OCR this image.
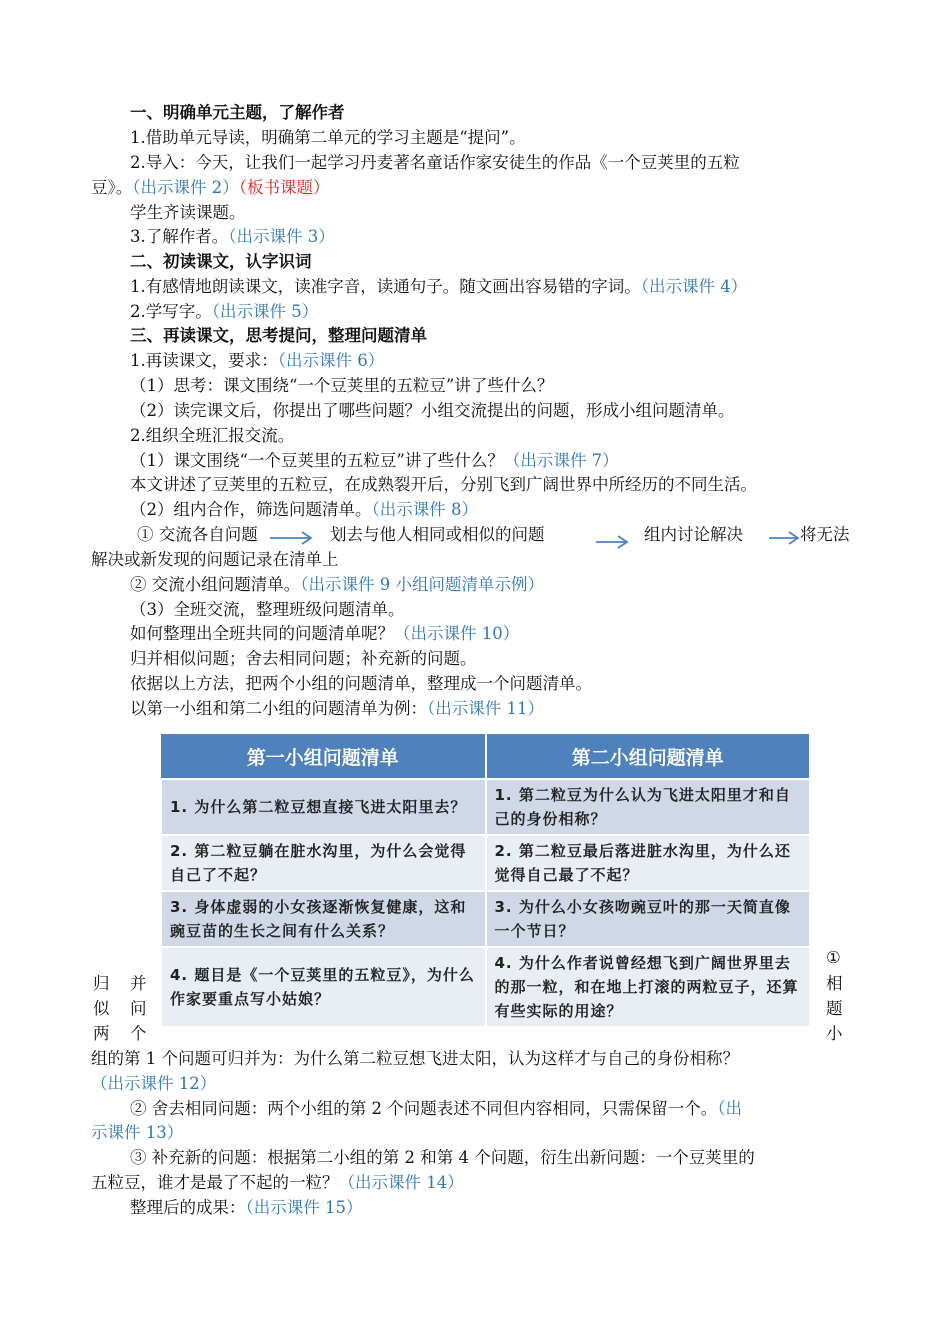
一、明确单元主题，了解作者
1.借助单元导读，明确第二单元的学习主题是“提问”。
2.导入：今天，让我们一起学习丹麦著名童话作家安徒生的作品《一个豆荚里的五粒
豆》。（出示课件 2）（板书课题）
学生齐读课题。
3.了解作者。（出示课件 3）
二、初读课文，认字识词
1.有感情地朗读课文，读准字音，读通句子。随文画出容易错的字词。（出示课件 4）
2.学写字。（出示课件 5）
三、再读课文，思考提问，整理问题清单
1.再读课文，要求：（出示课件 6）
（1）思考：课文围绕“一个豆荚里的五粒豆”讲了些什么？
（2）读完课文后，你提出了哪些问题？小组交流提出的问题，形成小组问题清单。
2.组织全班汇报交流。
（1）课文围绕“一个豆荚里的五粒豆”讲了些什么？（出示课件 7）
本文讲述了豆荚里的五粒豆，在成熟裂开后，分别飞到广阔世界中所经历的不同生活。
（2）组内合作，筛选问题清单。（出示课件 8）
① 交流各自问题	划去与他人相同或相似的问题	组内讨论解决	将无法
解决或新发现的问题记录在清单上
② 交流小组问题清单。（出示课件 9 小组问题清单示例）
（3）全班交流，整理班级问题清单。
如何整理出全班共同的问题清单呢？（出示课件 10）
归并相似问题；舍去相同问题；补充新的问题。
依据以上方法，把两个小组的问题清单，整理成一个问题清单。
以第一小组和第二小组的问题清单为例：（出示课件 11）
第一小组问题清单	第二小组问题清单
1. 为什么第二粒豆想直接飞进太阳里去？	1. 第二粒豆为什么认为飞进太阳里才和自己的身份相称？
2. 第二粒豆躺在脏水沟里，为什么会觉得自己了不起？	2. 第二粒豆最后落进脏水沟里，为什么还觉得自己最了不起？
3. 身体虚弱的小女孩逐渐恢复健康，这和豌豆苗的生长之间有什么关系？	3. 为什么小女孩吻豌豆叶的那一天简直像一个节日？
4. 题目是《一个豆荚里的五粒豆》，为什么作家要重点写小姑娘？	4. 为什么作者说曾经想飞到广阔世界里去的那一粒，和在地上打滚的两粒豆子，还算有些实际的用途？
归 并
似 问
两 个
①
相
题
小
组的第 1 个问题可归并为：为什么第二粒豆想飞进太阳，认为这样才与自己的身份相称？
（出示课件 12）
② 舍去相同问题：两个小组的第 2 个问题表述不同但内容相同，只需保留一个。（出
示课件 13）
③ 补充新的问题：根据第二小组的第 2 和第 4 个问题，衍生出新问题：一个豆荚里的
五粒豆，谁才是最了不起的一粒？（出示课件 14）
整理后的成果：（出示课件 15）
